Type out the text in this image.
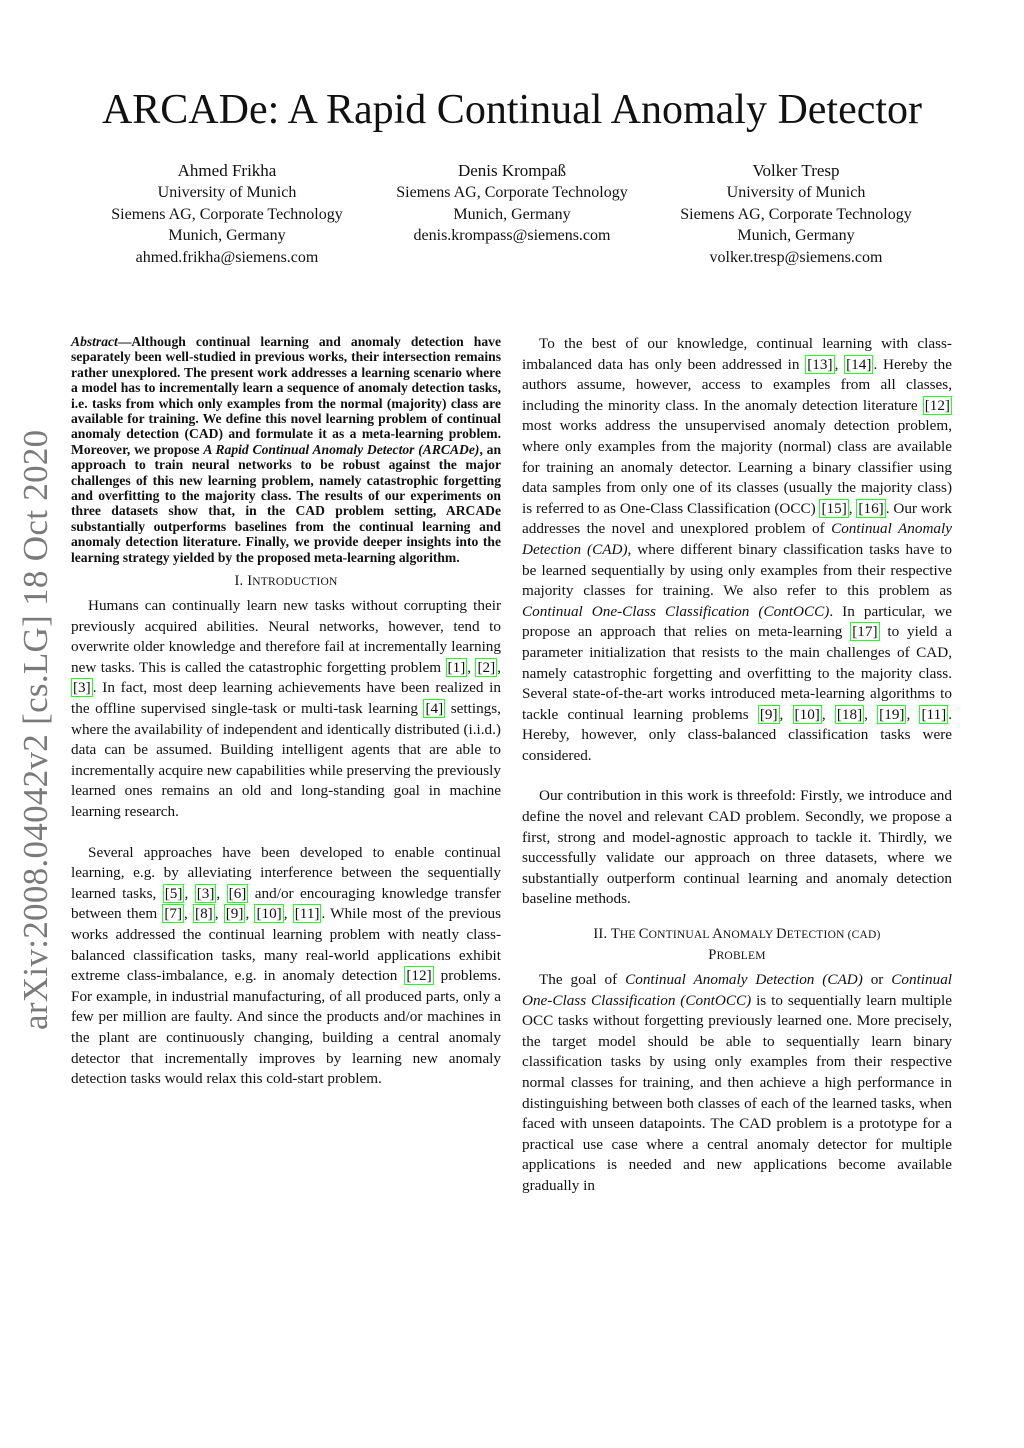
arXiv:2008.04042v2 [cs.LG] 18 Oct 2020
ARCADe: A Rapid Continual Anomaly Detector
Ahmed Frikha
University of Munich
Siemens AG, Corporate Technology
Munich, Germany
ahmed.frikha@siemens.com
Denis Krompaß
Siemens AG, Corporate Technology
Munich, Germany
denis.krompass@siemens.com
Volker Tresp
University of Munich
Siemens AG, Corporate Technology
Munich, Germany
volker.tresp@siemens.com
Abstract—Although continual learning and anomaly detection have separately been well-studied in previous works, their intersection remains rather unexplored. The present work addresses a learning scenario where a model has to incrementally learn a sequence of anomaly detection tasks, i.e. tasks from which only examples from the normal (majority) class are available for training. We define this novel learning problem of continual anomaly detection (CAD) and formulate it as a meta-learning problem. Moreover, we propose A Rapid Continual Anomaly Detector (ARCADe), an approach to train neural networks to be robust against the major challenges of this new learning problem, namely catastrophic forgetting and overfitting to the majority class. The results of our experiments on three datasets show that, in the CAD problem setting, ARCADe substantially outperforms baselines from the continual learning and anomaly detection literature. Finally, we provide deeper insights into the learning strategy yielded by the proposed meta-learning algorithm.
I. INTRODUCTION

Humans can continually learn new tasks without corrupting their previously acquired abilities. Neural networks, however, tend to overwrite older knowledge and therefore fail at incrementally learning new tasks. This is called the catastrophic forgetting problem [1] , [2] , [3] . In fact, most deep learning achievements have been realized in the offline supervised single-task or multi-task learning [4] settings, where the availability of independent and identically distributed (i.i.d.) data can be assumed. Building intelligent agents that are able to incrementally acquire new capabilities while preserving the previously learned ones remains an old and long-standing goal in machine learning research.

Several approaches have been developed to enable continual learning, e.g. by alleviating interference between the sequentially learned tasks, [5] , [3] , [6] and/or encouraging knowledge transfer between them [7] , [8] , [9] , [10] , [11] . While most of the previous works addressed the continual learning problem with neatly class-balanced classification tasks, many real-world applications exhibit extreme class-imbalance, e.g. in anomaly detection [12] problems. For example, in industrial manufacturing, of all produced parts, only a few per million are faulty. And since the products and/or machines in the plant are continuously changing, building a central anomaly detector that incrementally improves by learning new anomaly detection tasks would relax this cold-start problem.

To the best of our knowledge, continual learning with class-imbalanced data has only been addressed in [13] , [14] . Hereby the authors assume, however, access to examples from all classes, including the minority class. In the anomaly detection literature [12] most works address the unsupervised anomaly detection problem, where only examples from the majority (normal) class are available for training an anomaly detector. Learning a binary classifier using data samples from only one of its classes (usually the majority class) is referred to as One-Class Classification (OCC) [15] , [16] . Our work addresses the novel and unexplored problem of Continual Anomaly Detection (CAD), where different binary classification tasks have to be learned sequentially by using only examples from their respective majority classes for training. We also refer to this problem as Continual One-Class Classification (ContOCC). In particular, we propose an approach that relies on meta-learning [17] to yield a parameter initialization that resists to the main challenges of CAD, namely catastrophic forgetting and overfitting to the majority class. Several state-of-the-art works introduced meta-learning algorithms to tackle continual learning problems [9] , [10] , [18] , [19] , [11] . Hereby, however, only class-balanced classification tasks were considered.

Our contribution in this work is threefold: Firstly, we introduce and define the novel and relevant CAD problem. Secondly, we propose a first, strong and model-agnostic approach to tackle it. Thirdly, we successfully validate our approach on three datasets, where we substantially outperform continual learning and anomaly detection baseline methods.

II. THE CONTINUAL ANOMALY DETECTION (CAD)
PROBLEM

The goal of Continual Anomaly Detection (CAD) or Continual One-Class Classification (ContOCC) is to sequentially learn multiple OCC tasks without forgetting previously learned one. More precisely, the target model should be able to sequentially learn binary classification tasks by using only examples from their respective normal classes for training, and then achieve a high performance in distinguishing between both classes of each of the learned tasks, when faced with unseen datapoints. The CAD problem is a prototype for a practical use case where a central anomaly detector for multiple applications is needed and new applications become available gradually in
